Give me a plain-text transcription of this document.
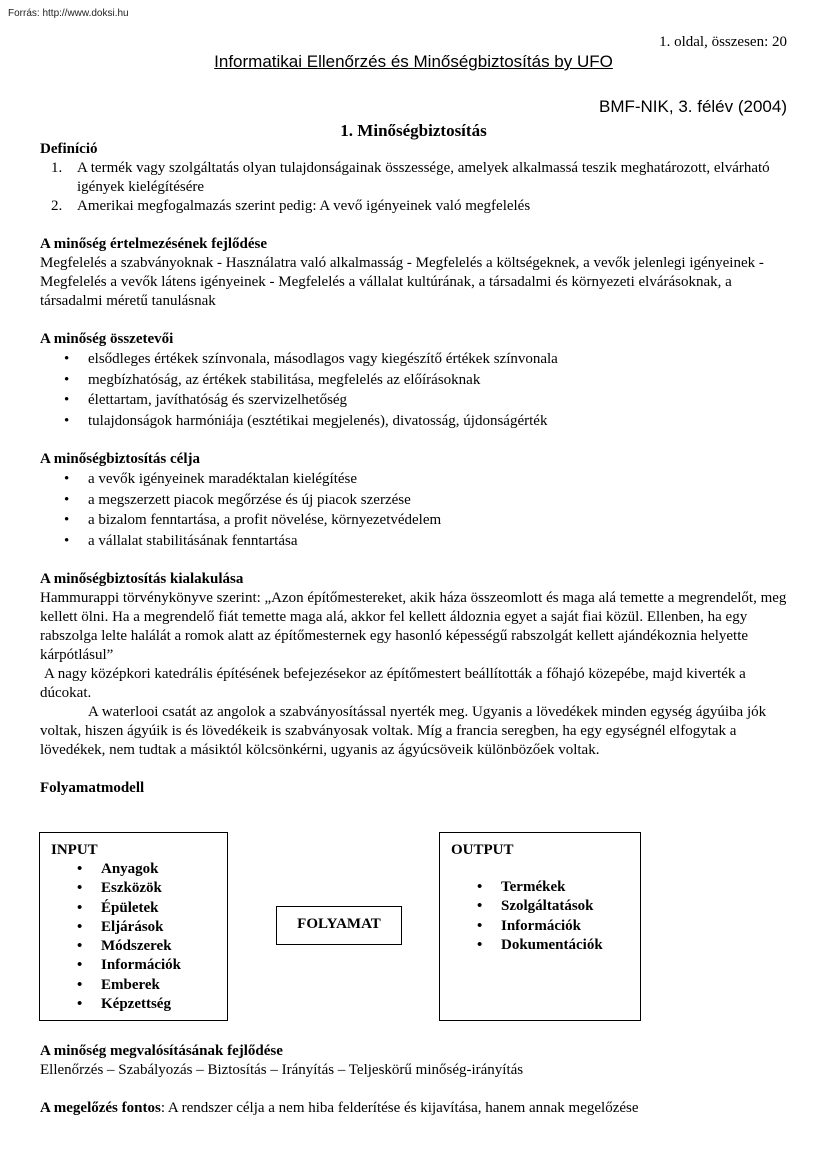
Forrás: http://www.doksi.hu
1. oldal, összesen: 20
Informatikai Ellenőrzés és Minőségbiztosítás by UFO
BMF-NIK, 3. félév (2004)
1. Minőségbiztosítás
Definíció
1. A termék vagy szolgáltatás olyan tulajdonságainak összessége, amelyek alkalmassá teszik meghatározott, elvárható igények kielégítésére
2. Amerikai megfogalmazás szerint pedig: A vevő igényeinek való megfelelés
A minőség értelmezésének fejlődése

Megfelelés a szabványoknak - Használatra való alkalmasság - Megfelelés a költségeknek, a vevők jelenlegi igényeinek - Megfelelés a vevők látens igényeinek - Megfelelés a vállalat kultúrának, a társadalmi és környezeti elvárásoknak, a társadalmi méretű tanulásnak

A minőség összetevői
• elsődleges értékek színvonala, másodlagos vagy kiegészítő értékek színvonala
• megbízhatóság, az értékek stabilitása, megfelelés az előírásoknak
• élettartam, javíthatóság és szervizelhetőség
• tulajdonságok harmóniája (esztétikai megjelenés), divatosság, újdonságérték
A minőségbiztosítás célja
• a vevők igényeinek maradéktalan kielégítése
• a megszerzett piacok megőrzése és új piacok szerzése
• a bizalom fenntartása, a profit növelése, környezetvédelem
• a vállalat stabilitásának fenntartása
A minőségbiztosítás kialakulása

Hammurappi törvénykönyve szerint: „Azon építőmestereket, akik háza összeomlott és maga alá temette a megrendelőt, meg kellett ölni. Ha a megrendelő fiát temette maga alá, akkor fel kellett áldoznia egyet a saját fiai közül. Ellenben, ha egy rabszolga lelte halálát a romok alatt az építőmesternek egy hasonló képességű rabszolgát kellett ajándékoznia helyette kárpótlásul”

A nagy középkori katedrális építésének befejezésekor az építőmestert beállították a főhajó közepébe, majd kiverték a dúcokat.

A waterlooi csatát az angolok a szabványosítással nyerték meg. Ugyanis a lövedékek minden egység ágyúiba jók voltak, hiszen ágyúik is és lövedékeik is szabványosak voltak. Míg a francia seregben, ha egy egységnél elfogytak a lövedékek, nem tudtak a másiktól kölcsönkérni, ugyanis az ágyúcsöveik különbözőek voltak.

Folyamatmodell
INPUT
• Anyagok
• Eszközök
• Épületek
• Eljárások
• Módszerek
• Információk
• Emberek
• Képzettség
FOLYAMAT
OUTPUT
• Termékek
• Szolgáltatások
• Információk
• Dokumentációk
A minőség megvalósításának fejlődése

Ellenőrzés – Szabályozás – Biztosítás – Irányítás – Teljeskörű minőség-irányítás

A megelőzés fontos: A rendszer célja a nem hiba felderítése és kijavítása, hanem annak megelőzése
